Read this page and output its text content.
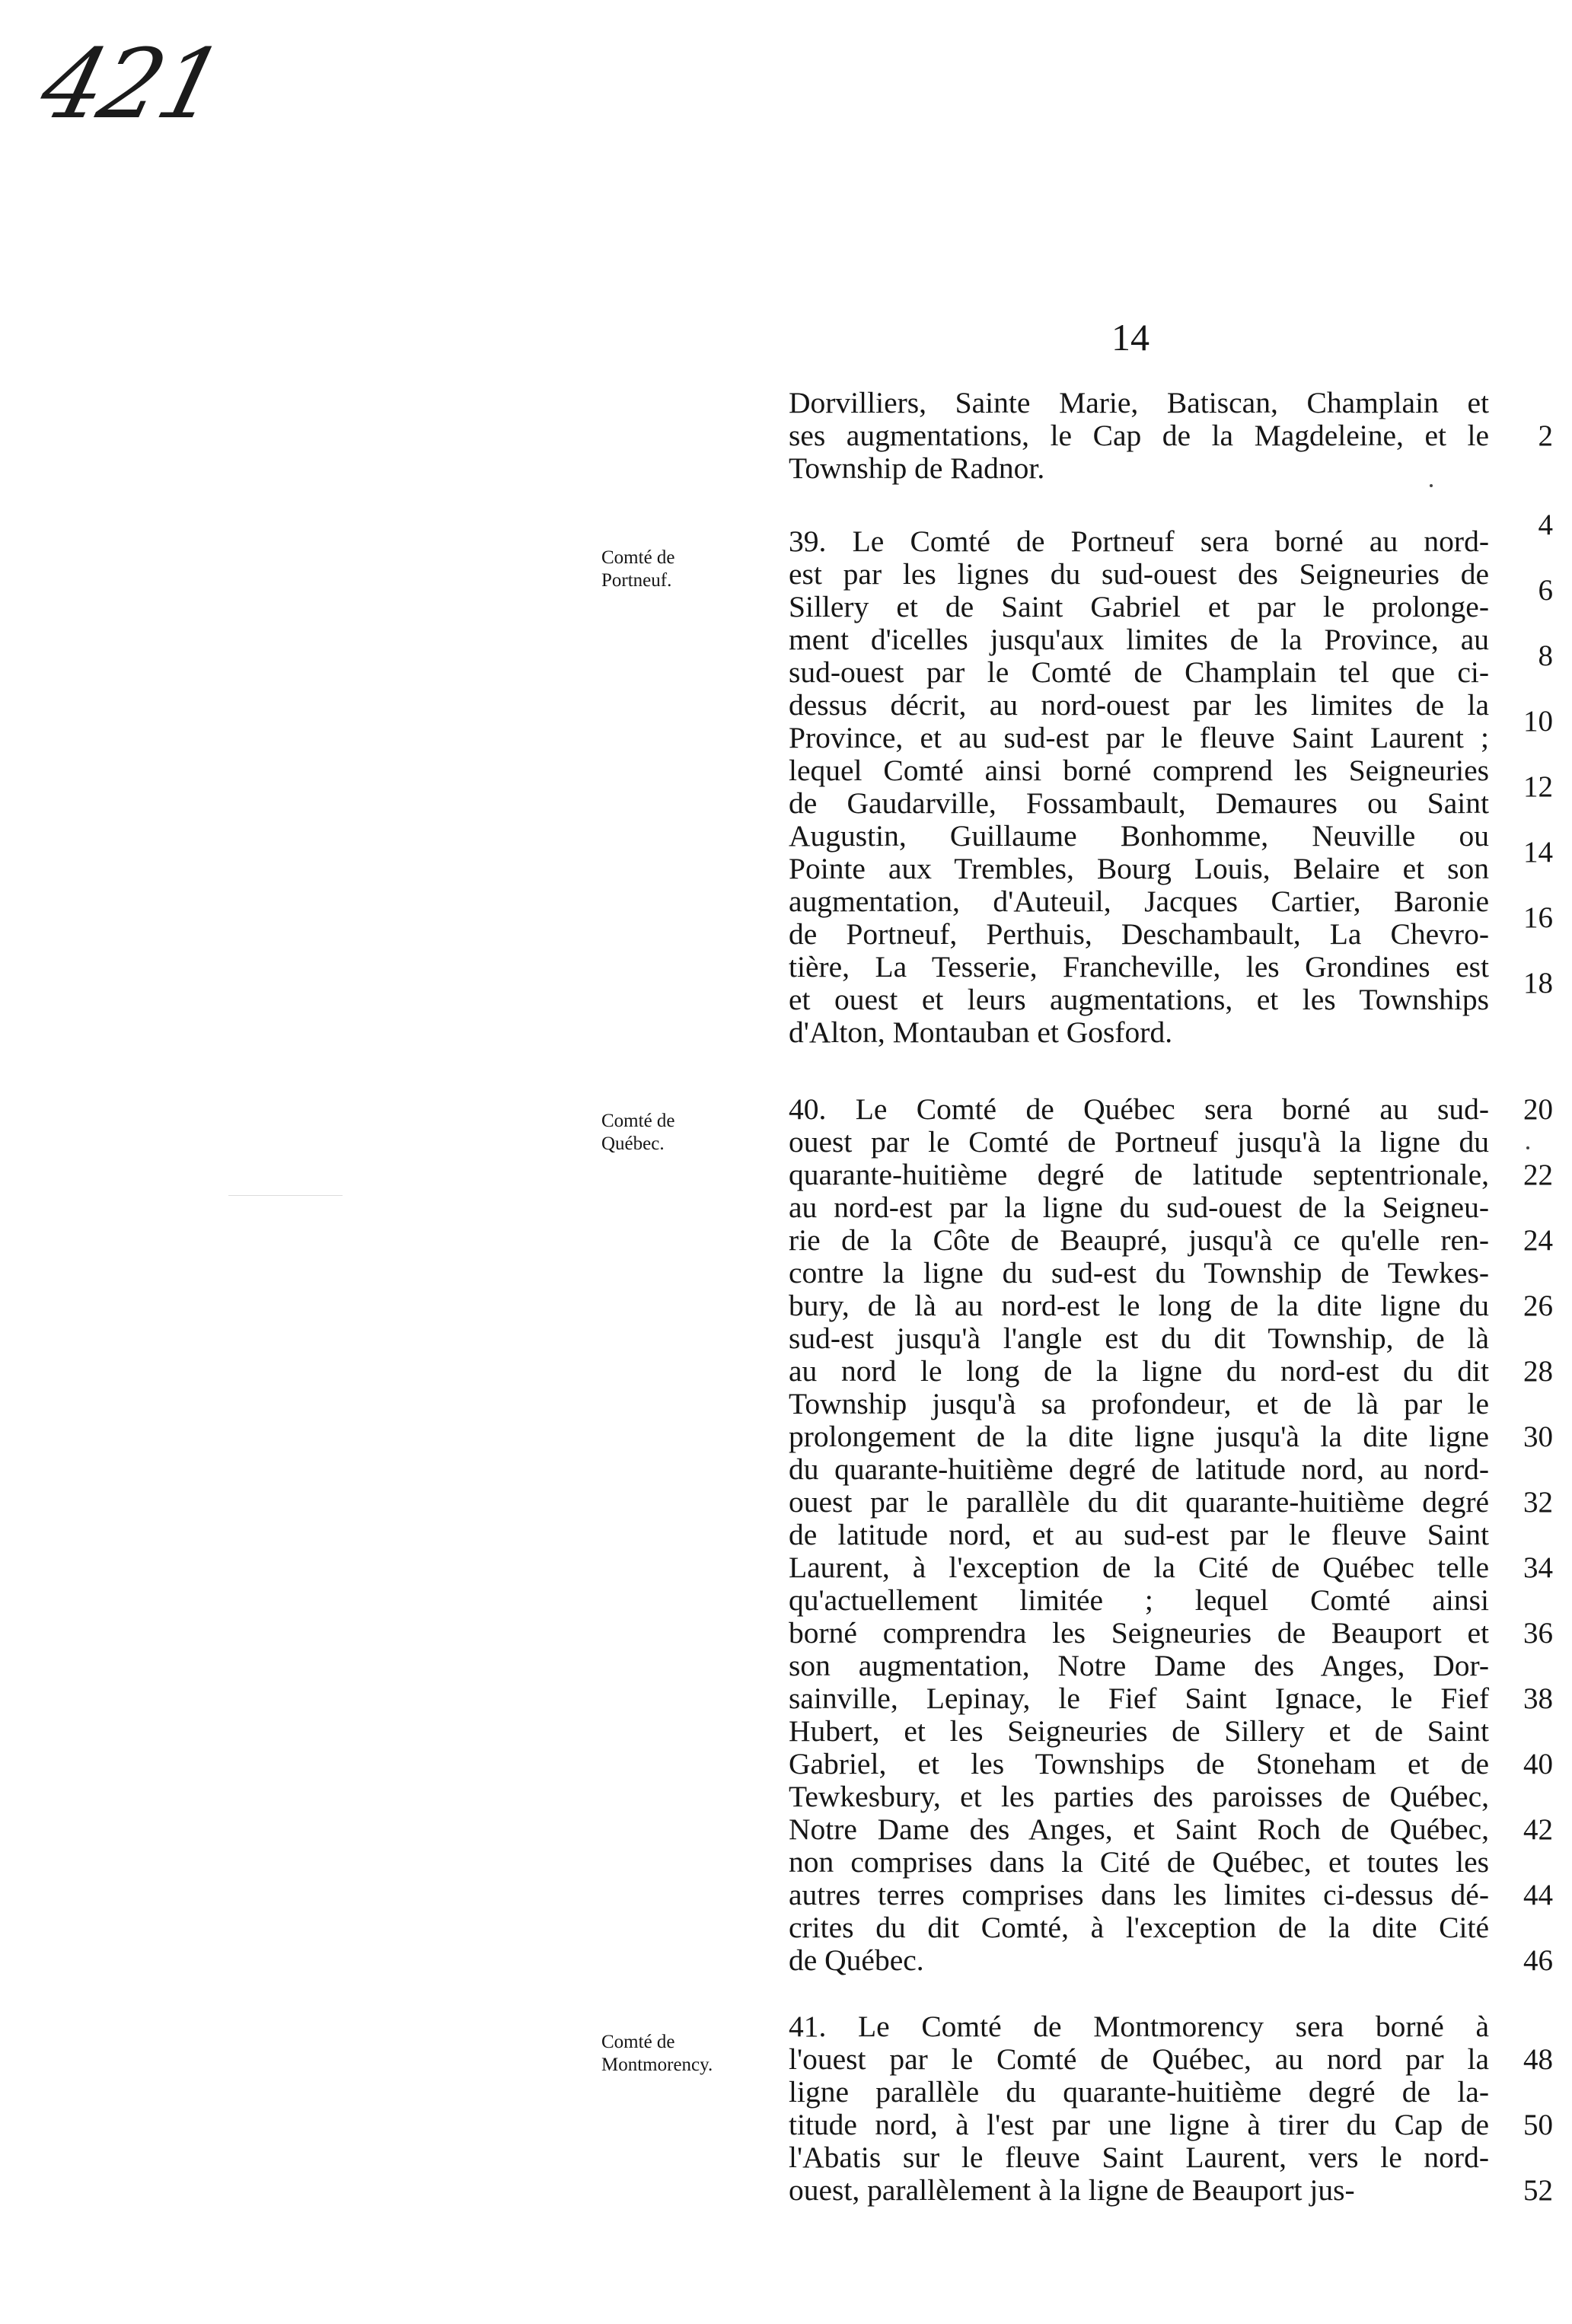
421
14
Dorvilliers, Sainte Marie, Batiscan, Champlain et
ses augmentations, le Cap de la Magdeleine, et le
Township de Radnor.
2
Comté de
Portneuf.
39. Le Comté de Portneuf sera borné au nord-
est par les lignes du sud-ouest des Seigneuries de
Sillery et de Saint Gabriel et par le prolonge-
ment d'icelles jusqu'aux limites de la Province, au
sud-ouest par le Comté de Champlain tel que ci-
dessus décrit, au nord-ouest par les limites de la
Province, et au sud-est par le fleuve Saint Laurent ;
lequel Comté ainsi borné comprend les Seigneuries
de Gaudarville, Fossambault, Demaures ou Saint
Augustin, Guillaume Bonhomme, Neuville ou
Pointe aux Trembles, Bourg Louis, Belaire et son
augmentation, d'Auteuil, Jacques Cartier, Baronie
de Portneuf, Perthuis, Deschambault, La Chevro-
tière, La Tesserie, Francheville, les Grondines est
et ouest et leurs augmentations, et les Townships
d'Alton, Montauban et Gosford.
4
6
8
10
12
14
16
18
Comté de
Québec.
40. Le Comté de Québec sera borné au sud-
ouest par le Comté de Portneuf jusqu'à la ligne du
quarante-huitième degré de latitude septentrionale,
au nord-est par la ligne du sud-ouest de la Seigneu-
rie de la Côte de Beaupré, jusqu'à ce qu'elle ren-
contre la ligne du sud-est du Township de Tewkes-
bury, de là au nord-est le long de la dite ligne du
sud-est jusqu'à l'angle est du dit Township, de là
au nord le long de la ligne du nord-est du dit
Township jusqu'à sa profondeur, et de là par le
prolongement de la dite ligne jusqu'à la dite ligne
du quarante-huitième degré de latitude nord, au nord-
ouest par le parallèle du dit quarante-huitième degré
de latitude nord, et au sud-est par le fleuve Saint
Laurent, à l'exception de la Cité de Québec telle
qu'actuellement limitée ; lequel Comté ainsi
borné comprendra les Seigneuries de Beauport et
son augmentation, Notre Dame des Anges, Dor-
sainville, Lepinay, le Fief Saint Ignace, le Fief
Hubert, et les Seigneuries de Sillery et de Saint
Gabriel, et les Townships de Stoneham et de
Tewkesbury, et les parties des paroisses de Québec,
Notre Dame des Anges, et Saint Roch de Québec,
non comprises dans la Cité de Québec, et toutes les
autres terres comprises dans les limites ci-dessus dé-
crites du dit Comté, à l'exception de la dite Cité
de Québec.
20
22
24
26
28
30
32
34
36
38
40
42
44
46
Comté de
Montmorency.
41. Le Comté de Montmorency sera borné à
l'ouest par le Comté de Québec, au nord par la
ligne parallèle du quarante-huitième degré de la-
titude nord, à l'est par une ligne à tirer du Cap de
l'Abatis sur le fleuve Saint Laurent, vers le nord-
ouest, parallèlement à la ligne de Beauport jus-
48
50
52
